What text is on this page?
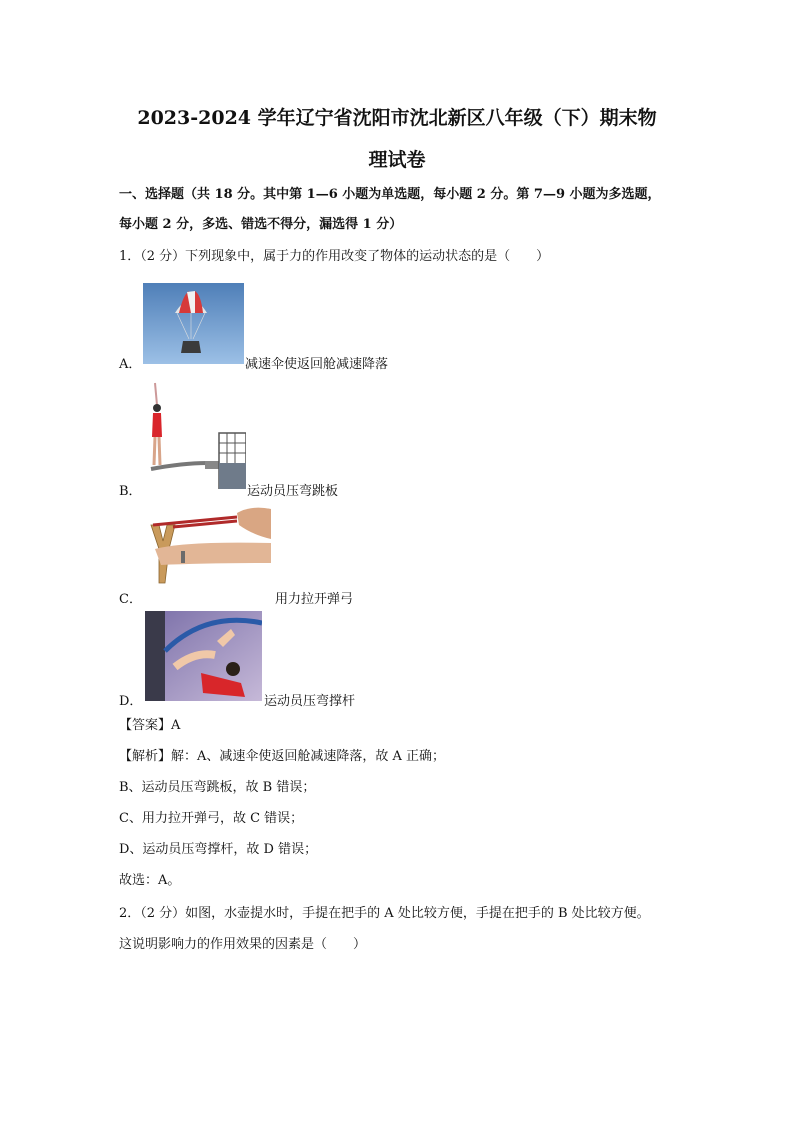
2023-2024 学年辽宁省沈阳市沈北新区八年级（下）期末物
理试卷
一、选择题（共 18 分。其中第 1—6 小题为单选题，每小题 2 分。第 7—9 小题为多选题，
每小题 2 分，多选、错选不得分，漏选得 1 分）
1．（2 分）下列现象中，属于力的作用改变了物体的运动状态的是（　　）
A．	减速伞使返回舱减速降落
B．	运动员压弯跳板
C．	用力拉开弹弓
D．	运动员压弯撑杆
【答案】A
【解析】解：A、减速伞使返回舱减速降落，故 A 正确；
B、运动员压弯跳板，故 B 错误；
C、用力拉开弹弓，故 C 错误；
D、运动员压弯撑杆，故 D 错误；
故选：A。
2．（2 分）如图，水壶提水时，手提在把手的 A 处比较方便，手提在把手的 B 处比较方便。
这说明影响力的作用效果的因素是（　　）
